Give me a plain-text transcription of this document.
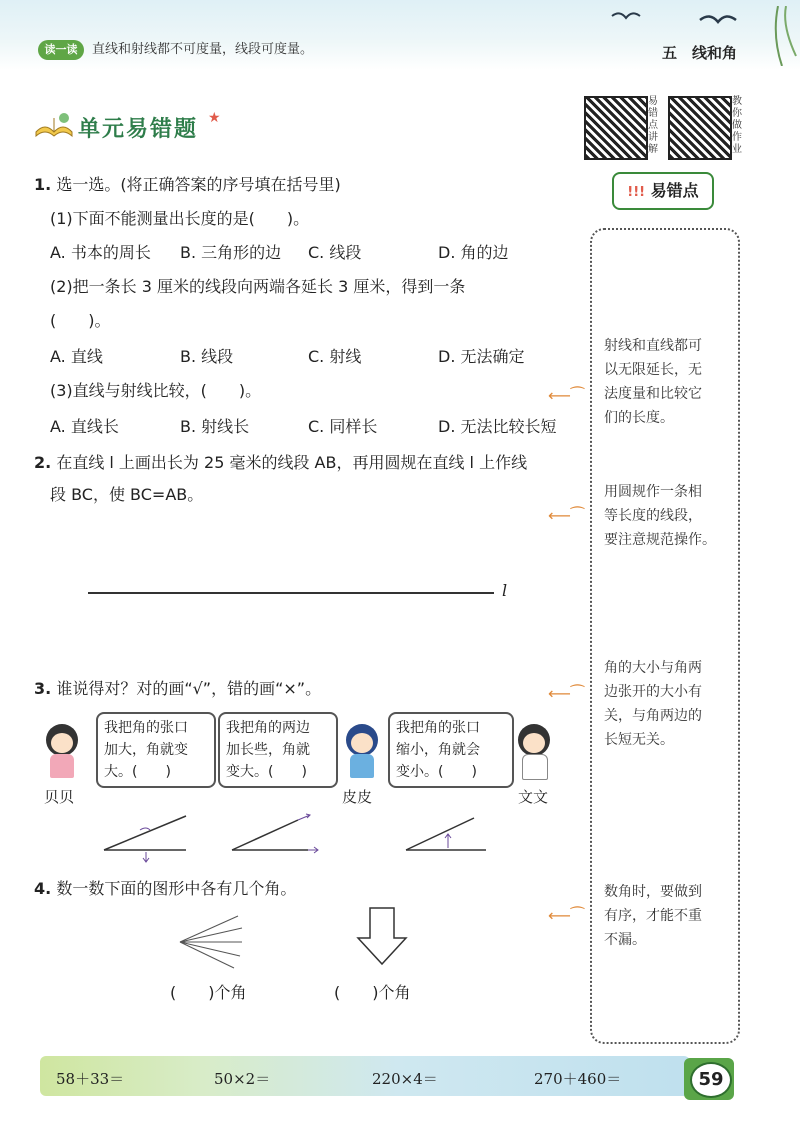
读一读	直线和射线都不可度量，线段可度量。	五　线和角
单元易错题 ★
易错点讲解
教你做作业
!!! 易错点
射线和直线都可
以无限延长，无
法度量和比较它
们的长度。
⟵⁀
用圆规作一条相
等长度的线段，
要注意规范操作。
⟵⁀
角的大小与角两
边张开的大小有
关，与角两边的
长短无关。
⟵⁀
数角时，要做到
有序，才能不重
不漏。
⟵⁀
1. 选一选。(将正确答案的序号填在括号里)
(1)下面不能测量出长度的是(　　)。
A. 书本的周长 B. 三角形的边 C. 线段	D. 角的边
(2)把一条长 3 厘米的线段向两端各延长 3 厘米，得到一条
(　　)。
A. 直线	B. 线段	C. 射线	D. 无法确定
(3)直线与射线比较，(　　)。
A. 直线长	B. 射线长	C. 同样长	D. 无法比较长短
2. 在直线 l 上画出长为 25 毫米的线段 AB，再用圆规在直线 l 上作线
段 BC，使 BC=AB。
l
3. 谁说得对？对的画“√”，错的画“×”。
贝贝
我把角的张口
加大，角就变
大。(　　)
我把角的两边
加长些，角就
变大。(　　)
皮皮
我把角的张口
缩小，角就会
变小。(　　)
文文
4. 数一数下面的图形中各有几个角。
(　　)个角	(　　)个角
58＋33＝	50×2＝	220×4＝	270＋460＝	59
